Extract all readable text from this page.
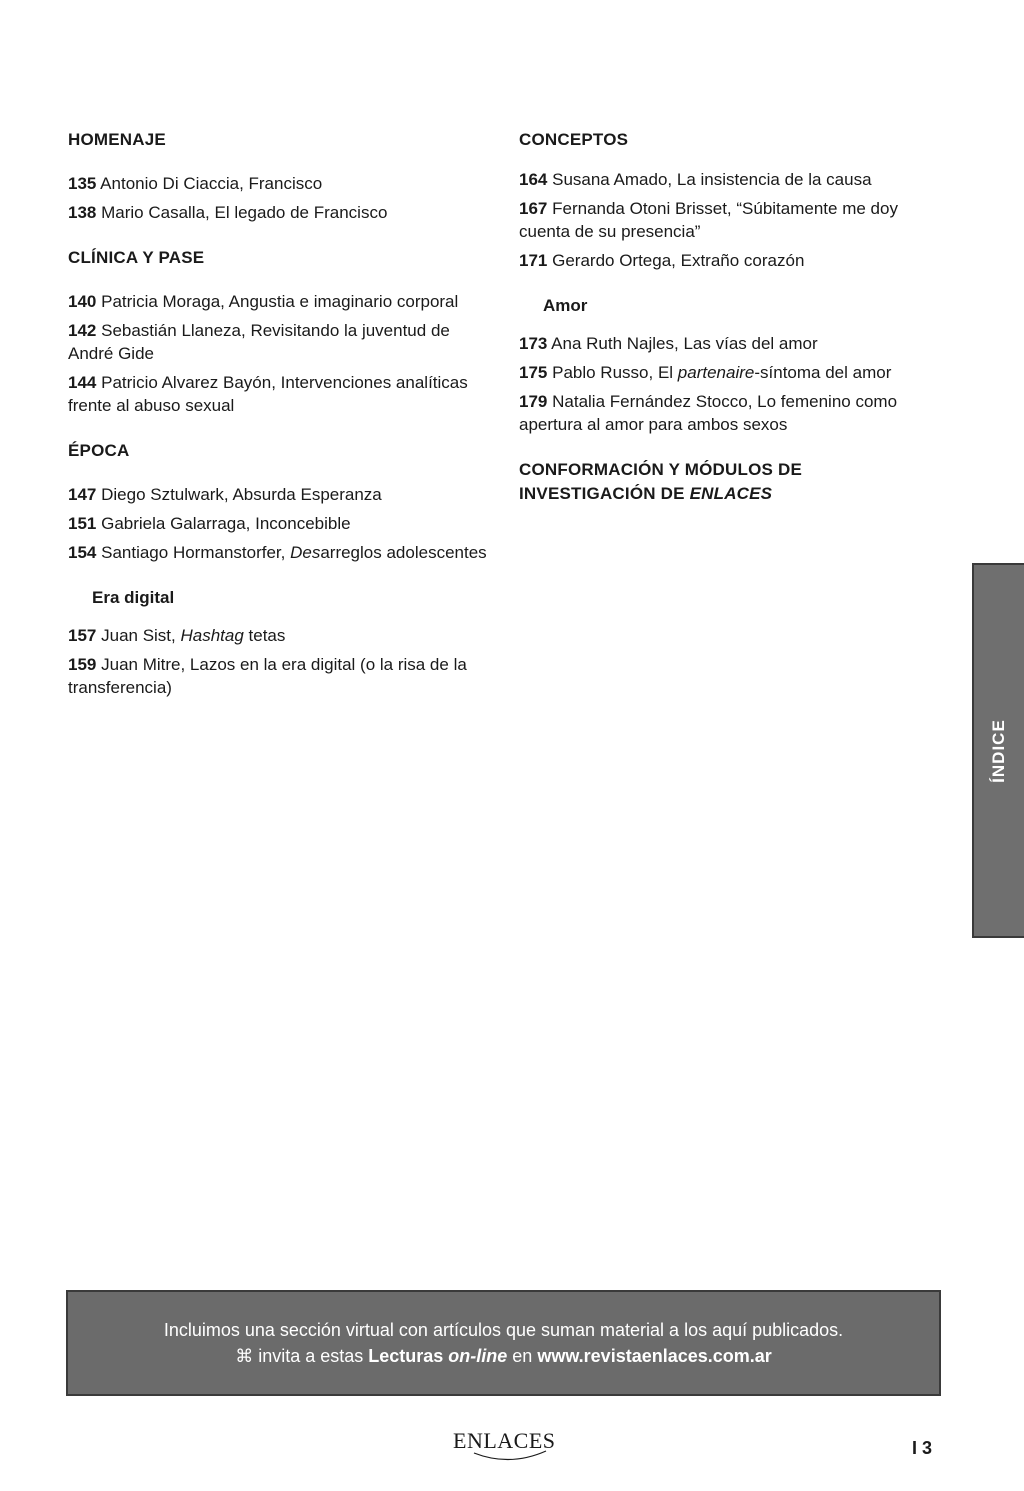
HOMENAJE
135 Antonio Di Ciaccia, Francisco
138 Mario Casalla, El legado de Francisco
CLÍNICA Y PASE
140 Patricia Moraga, Angustia e imaginario corporal
142 Sebastián Llaneza, Revisitando la juventud de André Gide
144 Patricio Alvarez Bayón, Intervenciones analíticas frente al abuso sexual
ÉPOCA
147 Diego Sztulwark, Absurda Esperanza
151 Gabriela Galarraga, Inconcebible
154 Santiago Hormanstorfer, Desarreglos adolescentes
Era digital
157 Juan Sist, Hashtag tetas
159 Juan Mitre, Lazos en la era digital (o la risa de la transferencia)
CONCEPTOS
164 Susana Amado, La insistencia de la causa
167 Fernanda Otoni Brisset, “Súbitamente me doy cuenta de su presencia”
171 Gerardo Ortega, Extraño corazón
Amor
173 Ana Ruth Najles, Las vías del amor
175 Pablo Russo, El partenaire-síntoma del amor
179 Natalia Fernández Stocco, Lo femenino como apertura al amor para ambos sexos
CONFORMACIÓN Y MÓDULOS DE
INVESTIGACIÓN DE ENLACES
ÍNDICE
Incluimos una sección virtual con artículos que suman material a los aquí publicados.
⌘ invita a estas Lecturas on-line en www.revistaenlaces.com.ar
ENLACES	I 3
